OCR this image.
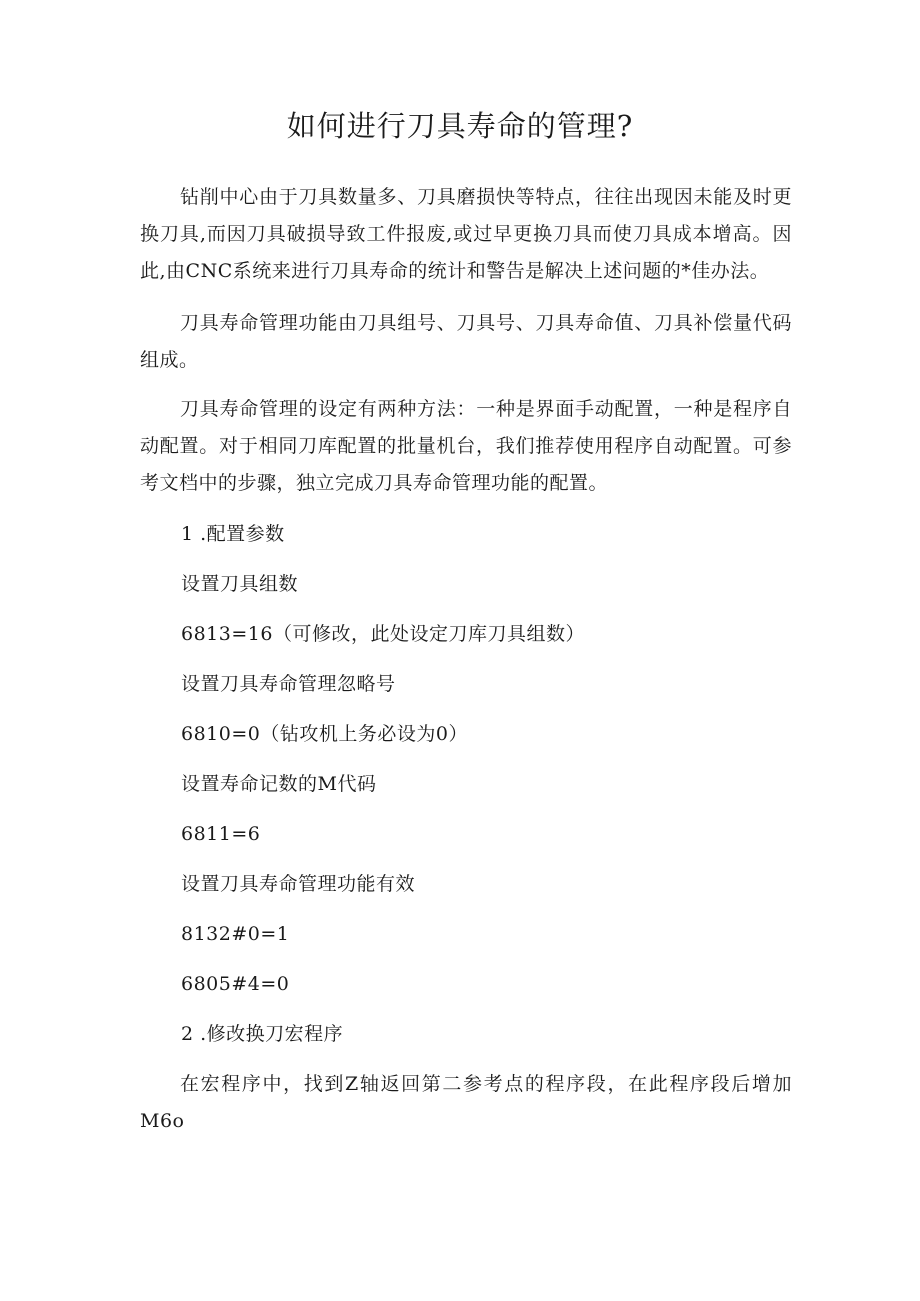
如何进行刀具寿命的管理?

钻削中心由于刀具数量多、刀具磨损快等特点，往往出现因未能及时更换刀具,而因刀具破损导致工件报废,或过早更换刀具而使刀具成本增高。因此,由CNC系统来进行刀具寿命的统计和警告是解决上述问题的*佳办法。

刀具寿命管理功能由刀具组号、刀具号、刀具寿命值、刀具补偿量代码组成。

刀具寿命管理的设定有两种方法：一种是界面手动配置，一种是程序自动配置。对于相同刀库配置的批量机台，我们推荐使用程序自动配置。可参考文档中的步骤，独立完成刀具寿命管理功能的配置。

1 .配置参数

设置刀具组数

6813=16（可修改，此处设定刀库刀具组数）

设置刀具寿命管理忽略号

6810=0（钻攻机上务必设为0）

设置寿命记数的M代码

6811=6

设置刀具寿命管理功能有效

8132#0=1

6805#4=0

2 .修改换刀宏程序

在宏程序中，找到Z轴返回第二参考点的程序段，在此程序段后增加M6o
